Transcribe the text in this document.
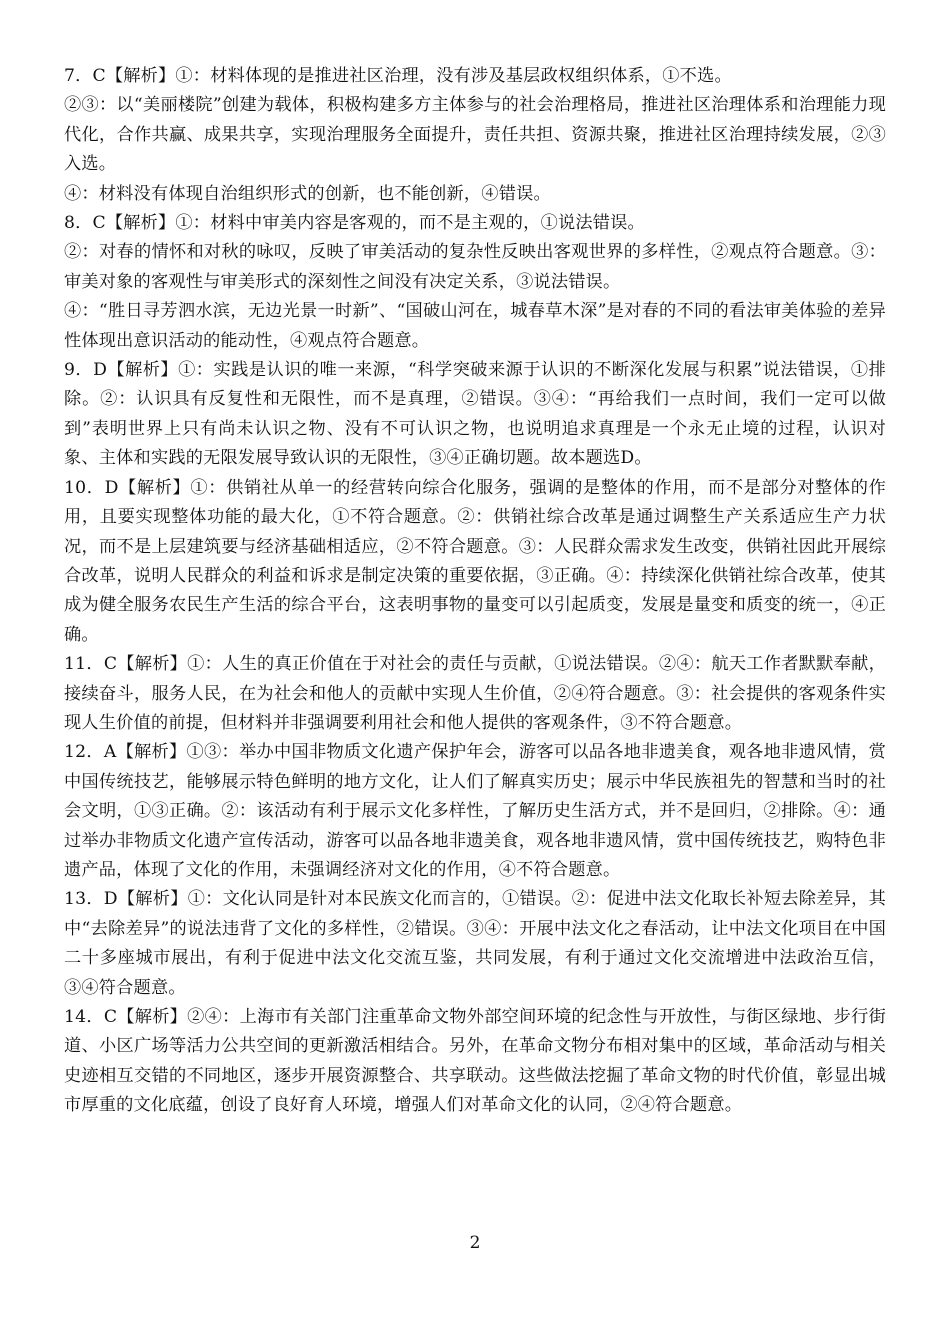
7．C【解析】①：材料体现的是推进社区治理，没有涉及基层政权组织体系，①不选。

②③：以“美丽楼院”创建为载体，积极构建多方主体参与的社会治理格局，推进社区治理体系和治理能力现代化，合作共赢、成果共享，实现治理服务全面提升，责任共担、资源共聚，推进社区治理持续发展，②③入选。

④：材料没有体现自治组织形式的创新，也不能创新，④错误。

8．C【解析】①：材料中审美内容是客观的，而不是主观的，①说法错误。

②：对春的情怀和对秋的咏叹，反映了审美活动的复杂性反映出客观世界的多样性，②观点符合题意。③：审美对象的客观性与审美形式的深刻性之间没有决定关系，③说法错误。

④：“胜日寻芳泗水滨，无边光景一时新”、“国破山河在，城春草木深”是对春的不同的看法审美体验的差异性体现出意识活动的能动性，④观点符合题意。

9．D【解析】①：实践是认识的唯一来源，“科学突破来源于认识的不断深化发展与积累”说法错误，①排除。②：认识具有反复性和无限性，而不是真理，②错误。③④：“再给我们一点时间，我们一定可以做到”表明世界上只有尚未认识之物、没有不可认识之物，也说明追求真理是一个永无止境的过程，认识对象、主体和实践的无限发展导致认识的无限性，③④正确切题。故本题选D。

10．D【解析】①：供销社从单一的经营转向综合化服务，强调的是整体的作用，而不是部分对整体的作用，且要实现整体功能的最大化，①不符合题意。②：供销社综合改革是通过调整生产关系适应生产力状况，而不是上层建筑要与经济基础相适应，②不符合题意。③：人民群众需求发生改变，供销社因此开展综合改革，说明人民群众的利益和诉求是制定决策的重要依据，③正确。④：持续深化供销社综合改革，使其成为健全服务农民生产生活的综合平台，这表明事物的量变可以引起质变，发展是量变和质变的统一，④正确。

11．C【解析】①：人生的真正价值在于对社会的责任与贡献，①说法错误。②④：航天工作者默默奉献，接续奋斗，服务人民，在为社会和他人的贡献中实现人生价值，②④符合题意。③：社会提供的客观条件实现人生价值的前提，但材料并非强调要利用社会和他人提供的客观条件，③不符合题意。

12．A【解析】①③：举办中国非物质文化遗产保护年会，游客可以品各地非遗美食，观各地非遗风情，赏中国传统技艺，能够展示特色鲜明的地方文化，让人们了解真实历史；展示中华民族祖先的智慧和当时的社会文明，①③正确。②：该活动有利于展示文化多样性，了解历史生活方式，并不是回归，②排除。④：通过举办非物质文化遗产宣传活动，游客可以品各地非遗美食，观各地非遗风情，赏中国传统技艺，购特色非遗产品，体现了文化的作用，未强调经济对文化的作用，④不符合题意。

13．D【解析】①：文化认同是针对本民族文化而言的，①错误。②：促进中法文化取长补短去除差异，其中“去除差异”的说法违背了文化的多样性，②错误。③④：开展中法文化之春活动，让中法文化项目在中国二十多座城市展出，有利于促进中法文化交流互鉴，共同发展，有利于通过文化交流增进中法政治互信，③④符合题意。

14．C【解析】②④：上海市有关部门注重革命文物外部空间环境的纪念性与开放性，与街区绿地、步行街道、小区广场等活力公共空间的更新激活相结合。另外，在革命文物分布相对集中的区域，革命活动与相关史迹相互交错的不同地区，逐步开展资源整合、共享联动。这些做法挖掘了革命文物的时代价值，彰显出城市厚重的文化底蕴，创设了良好育人环境，增强人们对革命文化的认同，②④符合题意。

2
